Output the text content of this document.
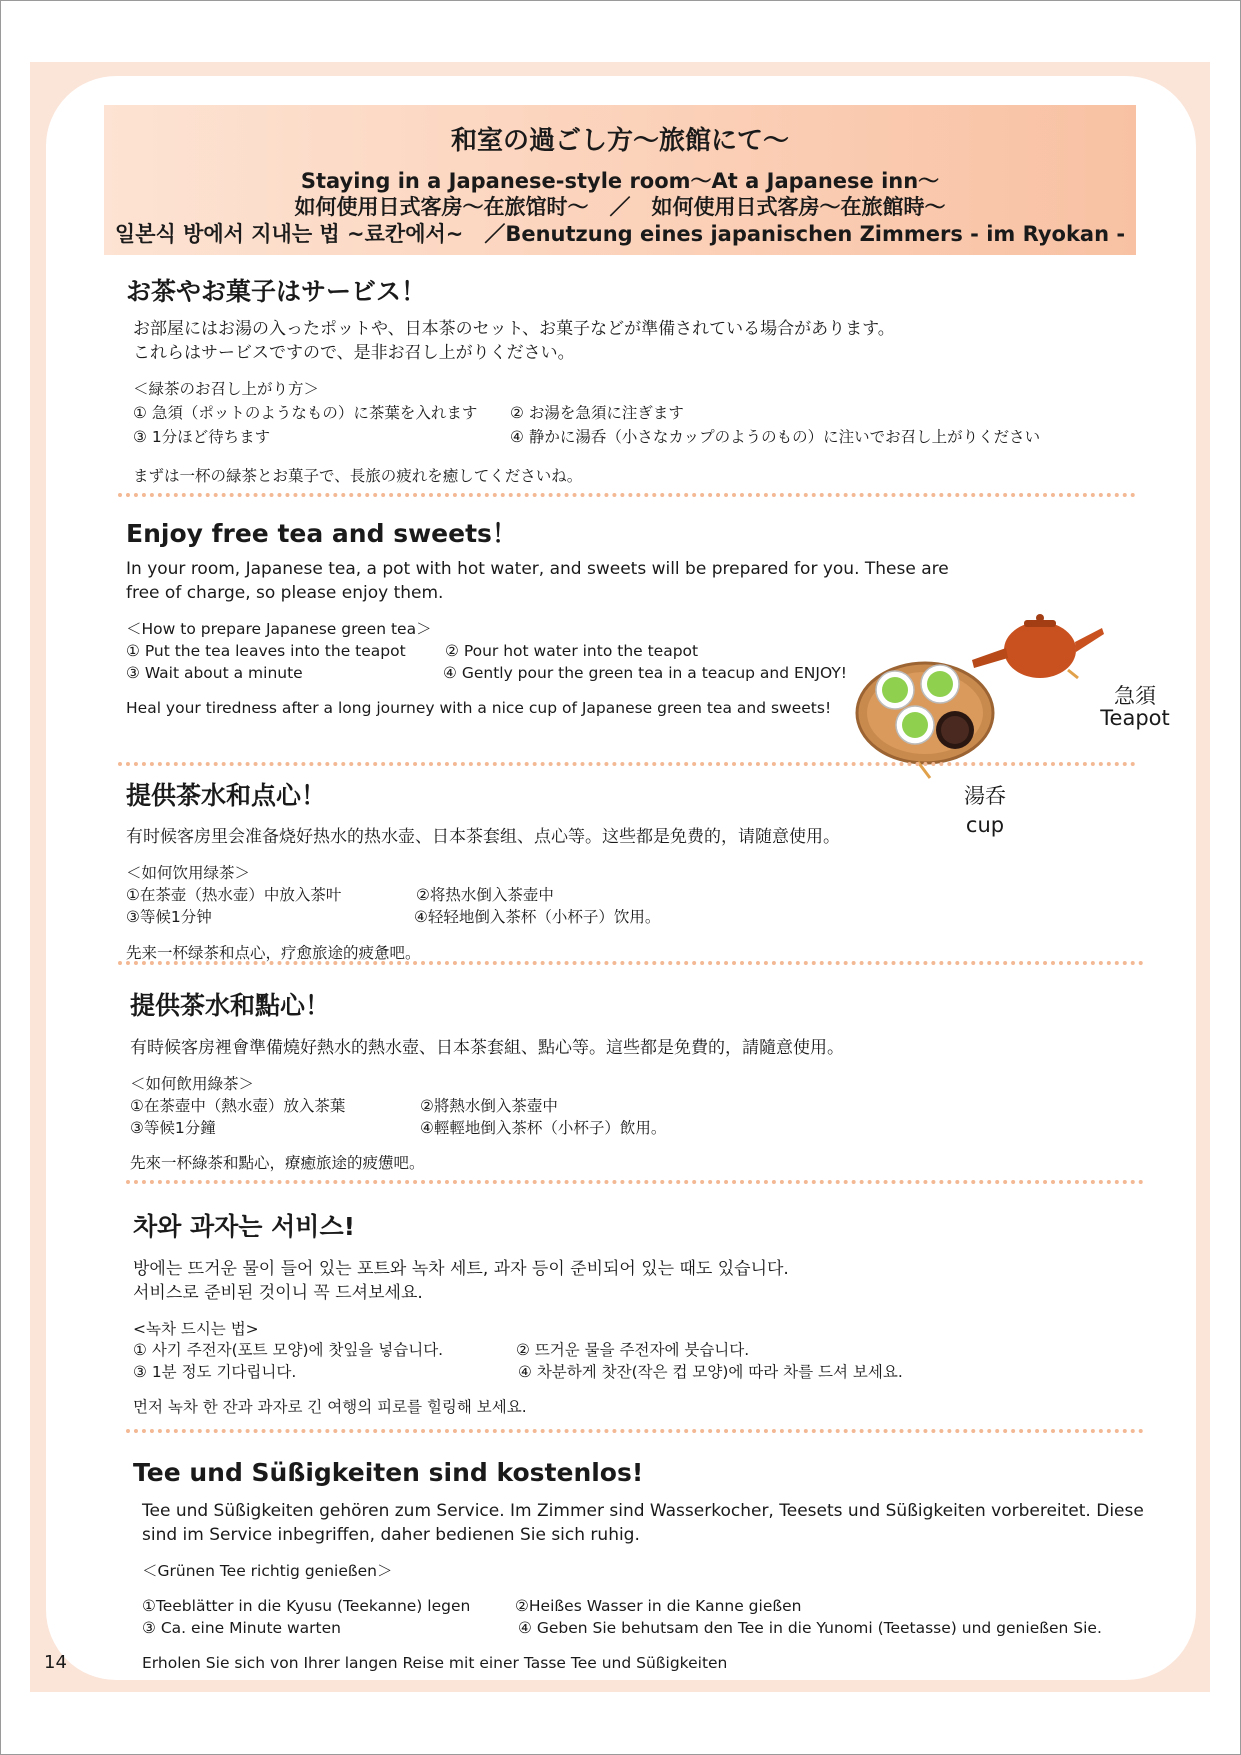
和室の過ごし方～旅館にて～
Staying in a Japanese-style room～At a Japanese inn～
如何使用日式客房～在旅馆时～　／　如何使用日式客房～在旅館時～
일본식 방에서 지내는 법 ~료칸에서~　／Benutzung eines japanischen Zimmers - im Ryokan -
お茶やお菓子はサービス！
お部屋にはお湯の入ったポットや、日本茶のセット、お菓子などが準備されている場合があります。
これらはサービスですので、是非お召し上がりください。
＜緑茶のお召し上がり方＞
① 急須（ポットのようなもの）に茶葉を入れます ② お湯を急須に注ぎます
③ 1分ほど待ちます	④ 静かに湯呑（小さなカップのようのもの）に注いでお召し上がりください
まずは一杯の緑茶とお菓子で、長旅の疲れを癒してくださいね。
Enjoy free tea and sweets！
In your room, Japanese tea, a pot with hot water, and sweets will be prepared for you. These are
free of charge, so please enjoy them.
＜How to prepare Japanese green tea＞
① Put the tea leaves into the teapot	② Pour hot water into the teapot
③ Wait about a minute	④ Gently pour the green tea in a teacup and ENJOY!
Heal your tiredness after a long journey with a nice cup of Japanese green tea and sweets!	急須
Teapot
湯呑
cup
提供茶水和点心！
有时候客房里会准备烧好热水的热水壶、日本茶套组、点心等。这些都是免费的，请随意使用。
＜如何饮用绿茶＞
①在茶壶（热水壶）中放入茶叶	②将热水倒入茶壶中
③等候1分钟	④轻轻地倒入茶杯（小杯子）饮用。
先来一杯绿茶和点心，疗愈旅途的疲惫吧。
提供茶水和點心！
有時候客房裡會準備燒好熱水的熱水壺、日本茶套組、點心等。這些都是免費的，請隨意使用。
＜如何飲用綠茶＞
①在茶壺中（熱水壺）放入茶葉	②將熱水倒入茶壺中
③等候1分鐘	④輕輕地倒入茶杯（小杯子）飲用。
先來一杯綠茶和點心，療癒旅途的疲憊吧。
차와 과자는 서비스!
방에는 뜨거운 물이 들어 있는 포트와 녹차 세트, 과자 등이 준비되어 있는 때도 있습니다.
서비스로 준비된 것이니 꼭 드셔보세요.
<녹차 드시는 법>
① 사기 주전자(포트 모양)에 찻잎을 넣습니다.	② 뜨거운 물을 주전자에 붓습니다.
③ 1분 정도 기다립니다.	④ 차분하게 찻잔(작은 컵 모양)에 따라 차를 드셔 보세요.
먼저 녹차 한 잔과 과자로 긴 여행의 피로를 힐링해 보세요.
Tee und Süßigkeiten sind kostenlos!
Tee und Süßigkeiten gehören zum Service. Im Zimmer sind Wasserkocher, Teesets und Süßigkeiten vorbereitet. Diese
sind im Service inbegriffen, daher bedienen Sie sich ruhig.
＜Grünen Tee richtig genießen＞
①Teeblätter in die Kyusu (Teekanne) legen	②Heißes Wasser in die Kanne gießen
③ Ca. eine Minute warten	④ Geben Sie behutsam den Tee in die Yunomi (Teetasse) und genießen Sie.
Erholen Sie sich von Ihrer langen Reise mit einer Tasse Tee und Süßigkeiten
14
